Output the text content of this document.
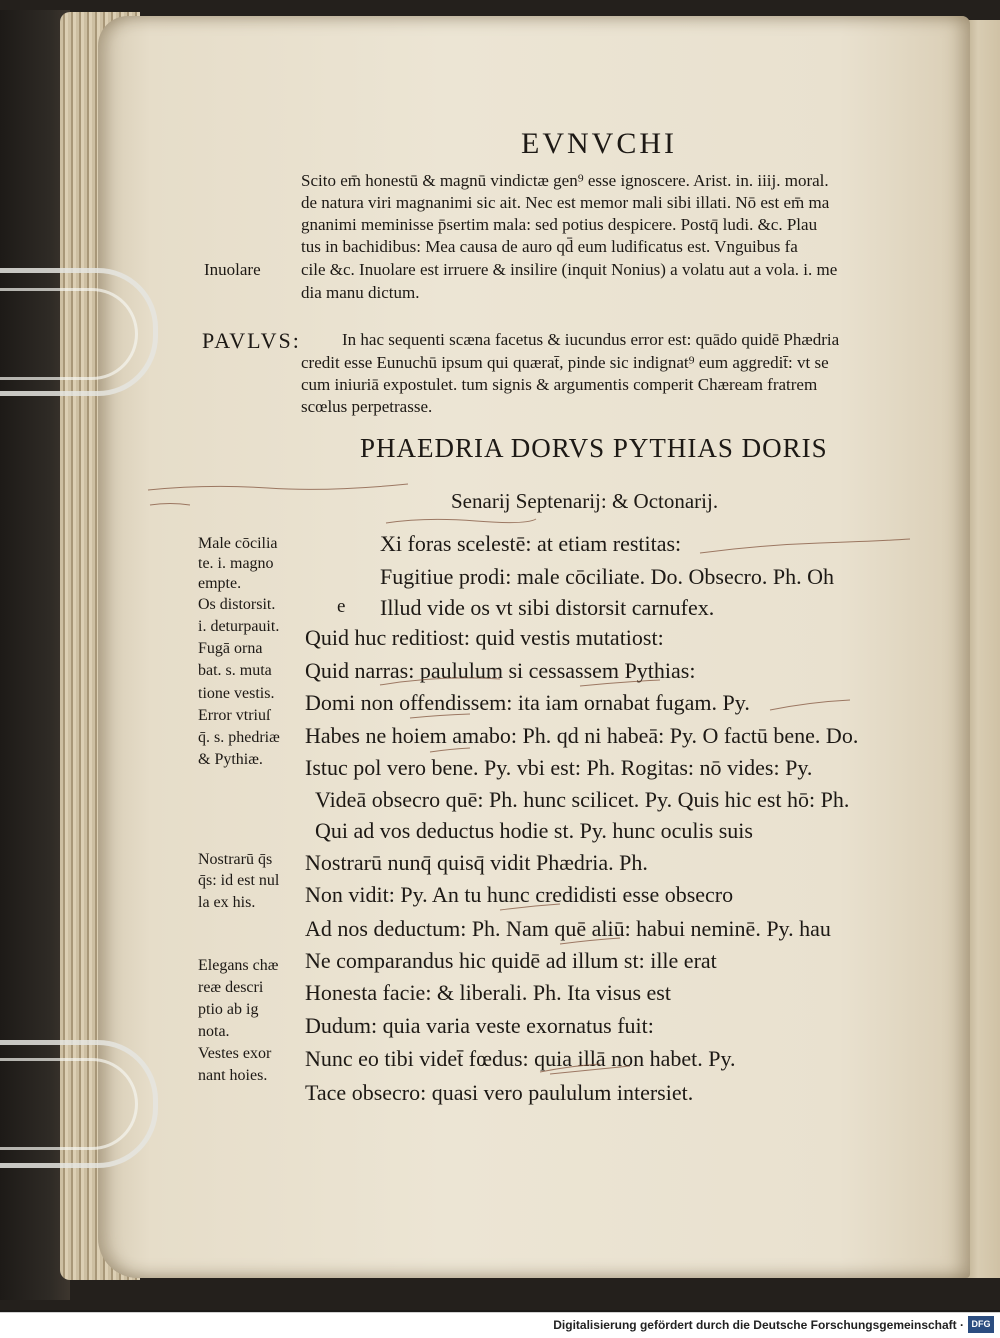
EVNVCHI

Scito em̄ honestū & magnū vindictæ gen⁹ esse ignoscere. Arist. in. iiij. moral.

de natura viri magnanimi sic ait. Nec est memor mali sibi illati. Nō est em̄ ma

gnanimi meminisse p̄sertim mala: sed potius despicere. Postq̄ ludi. &c. Plau

tus in bachidibus: Mea causa de auro qd̄ eum ludificatus est. Vnguibus fa

cile &c. Inuolare est irruere & insilire (inquit Nonius) a volatu aut a vola. i. me

dia manu dictum.

Inuolare

PAVLVS: In hac sequenti scæna facetus & iucundus error est: quādo quidē Phædria

credit esse Eunuchū ipsum qui quærat̄, pinde sic indignat⁹ eum aggredit̄: vt se

cum iniuriā expostulet. tum signis & argumentis comperit Chæream fratrem

scœlus perpetrasse.

PHAEDRIA DORVS PYTHIAS DORIS

Senarij Septenarij: & Octonarij.

Xi foras scelestē: at etiam restitas:

Fugitiue prodi: male cōciliate. Do. Obsecro. Ph. Oh

e Illud vide os vt sibi distorsit carnufex.

Quid huc reditiost: quid vestis mutatiost:

Quid narras: paululum si cessassem Pythias:

Domi non offendissem: ita iam ornabat fugam. Py.

Habes ne hoiem amabo: Ph. qd ni habeā: Py. O factū bene. Do.

Istuc pol vero bene. Py. vbi est: Ph. Rogitas: nō vides: Py.

Videā obsecro quē: Ph. hunc scilicet. Py. Quis hic est hō: Ph.

Qui ad vos deductus hodie st. Py. hunc oculis suis

Nostrarū nunq̄ quisq̄ vidit Phædria. Ph.

Non vidit: Py. An tu hunc credidisti esse obsecro

Ad nos deductum: Ph. Nam quē aliū: habui neminē. Py. hau

Ne comparandus hic quidē ad illum st: ille erat

Honesta facie: & liberali. Ph. Ita visus est

Dudum: quia varia veste exornatus fuit:

Nunc eo tibi videt̄ fœdus: quia illā non habet. Py.

Tace obsecro: quasi vero paululum intersiet.

Male cōcilia

te. i. magno

empte.

Os distorsit.

i. deturpauit.

Fugā orna

bat. s. muta

tione vestis.

Error vtriuſ

q̄. s. phedriæ

& Pythiæ.

Nostrarū q̄s

q̄s: id est nul

la ex his.

Elegans chæ

reæ descri

ptio ab ig

nota.

Vestes exor

nant hoies.

Digitalisierung gefördert durch die Deutsche Forschungsgemeinschaft · DFG
